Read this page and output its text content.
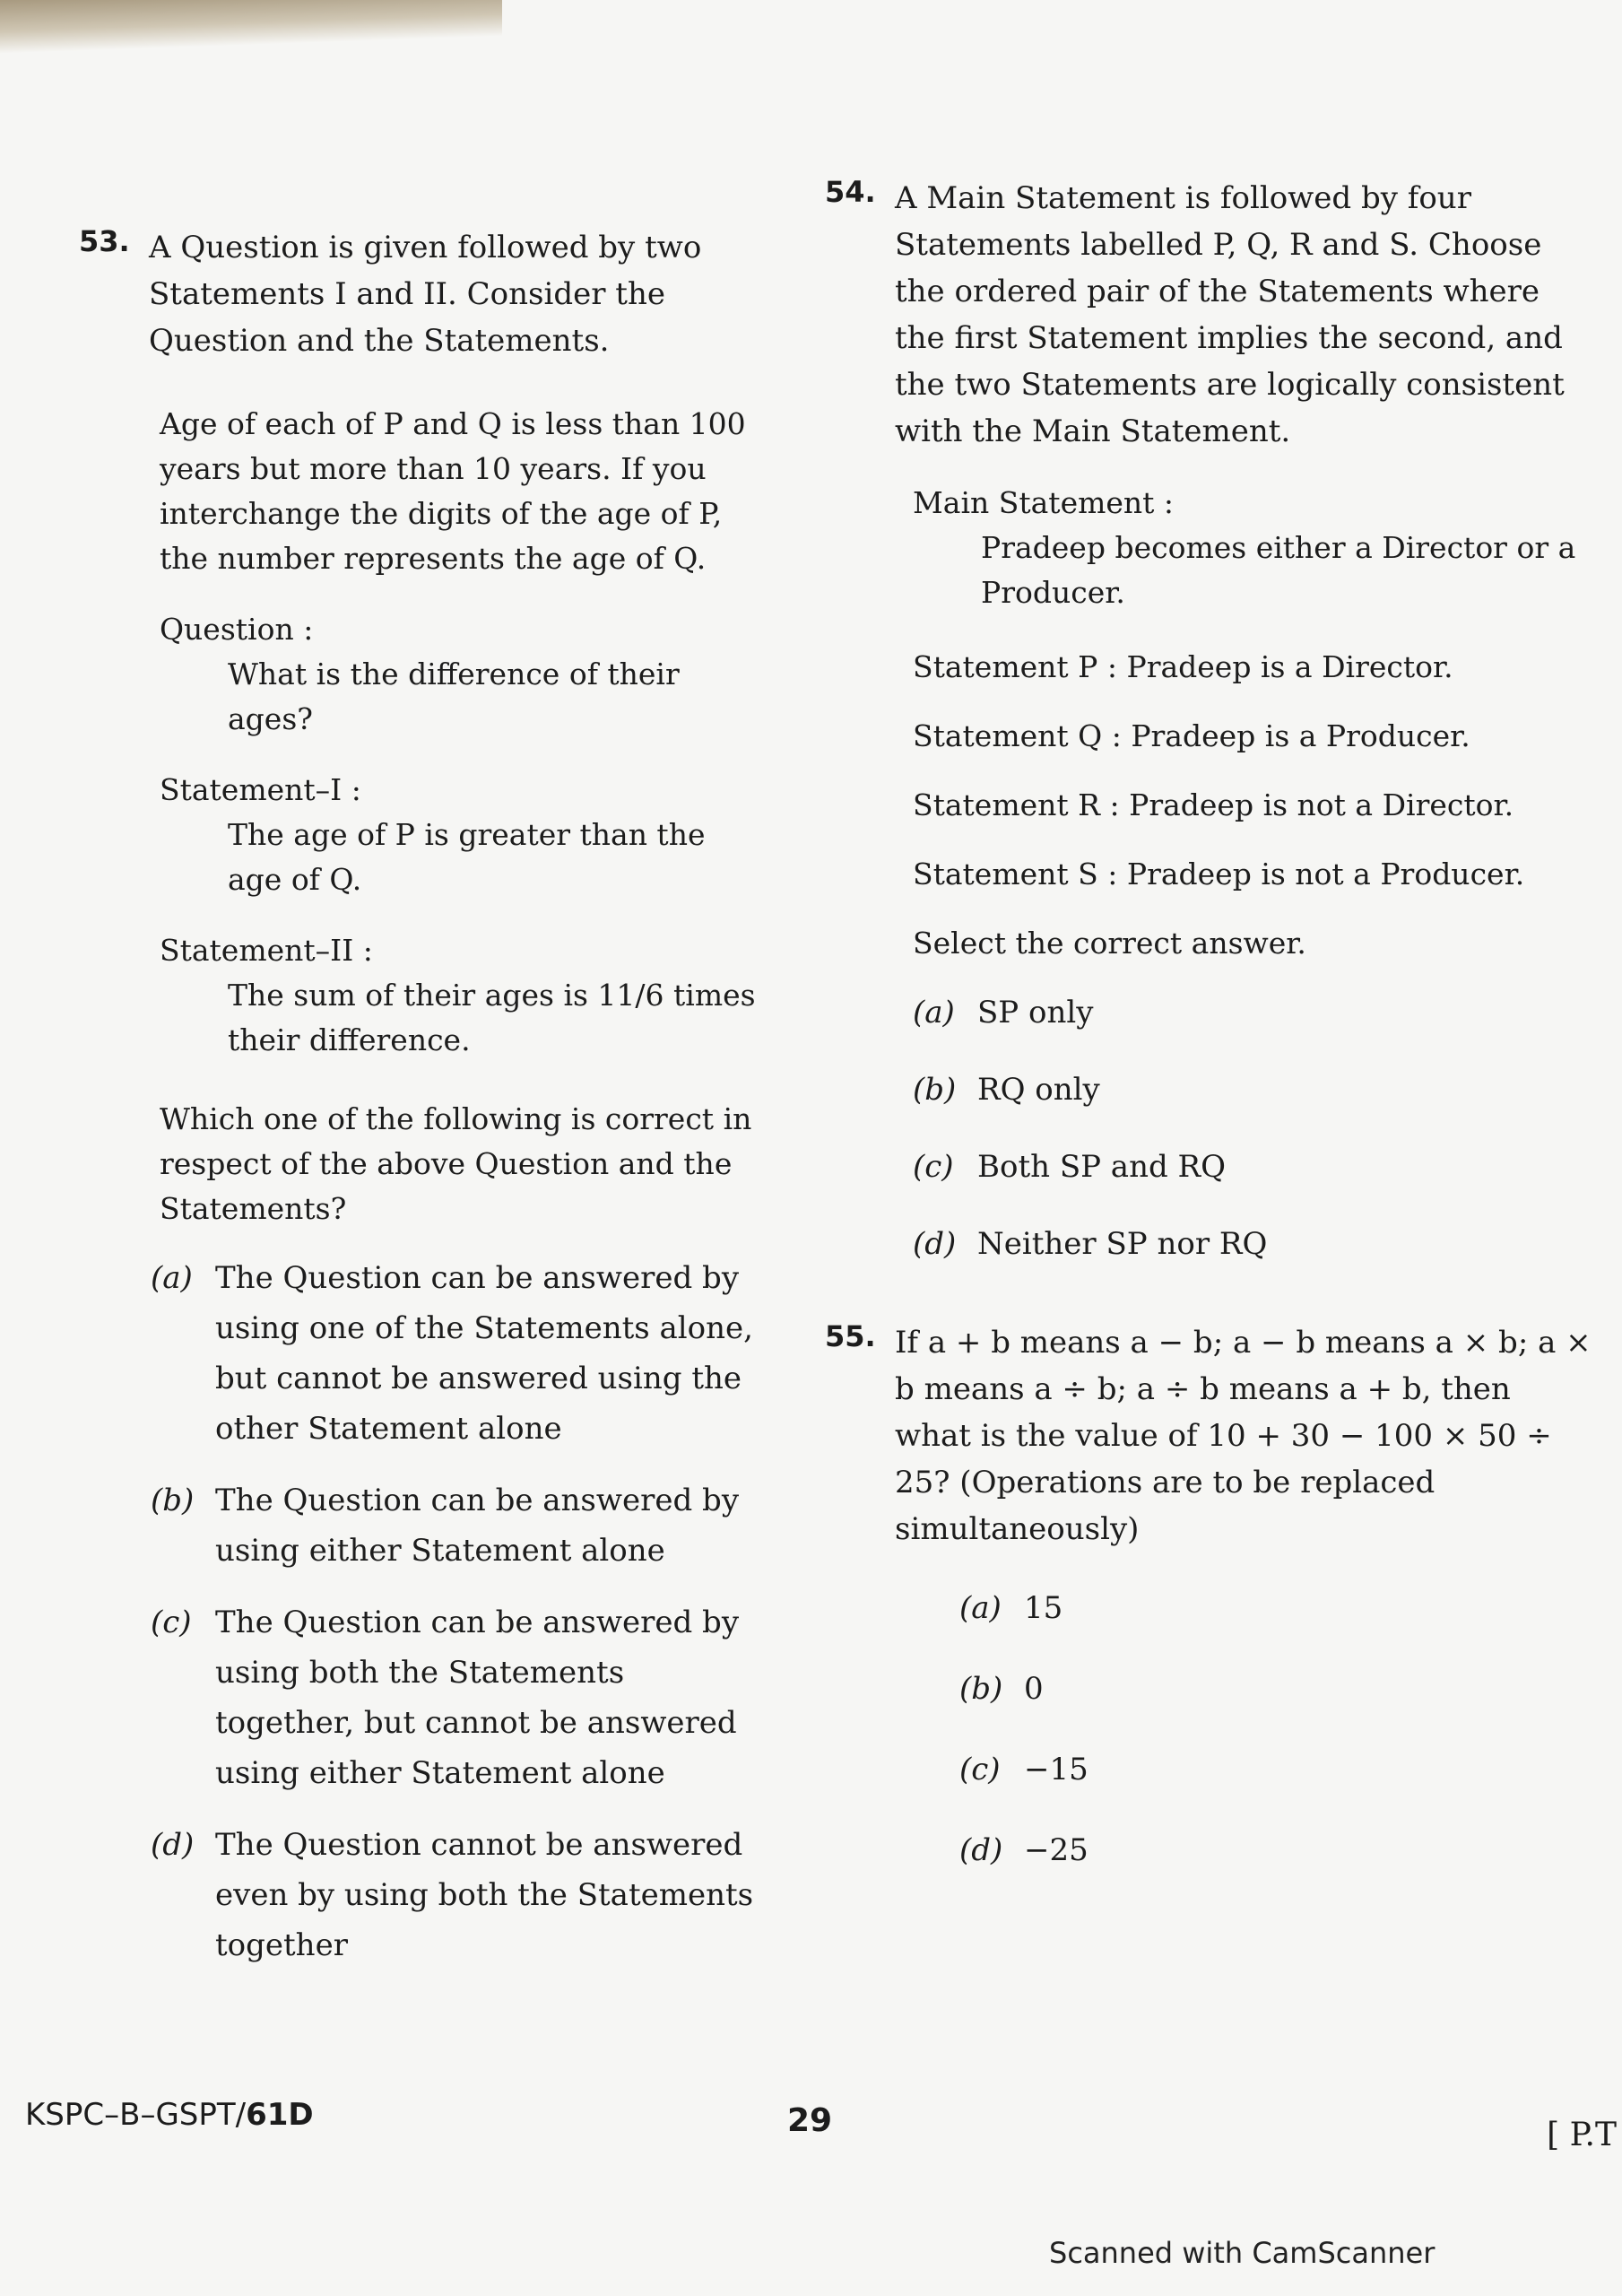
53. A Question is given followed by two Statements I and II. Consider the Question and the Statements.
Age of each of P and Q is less than 100 years but more than 10 years. If you interchange the digits of the age of P, the number represents the age of Q.
Question :
What is the difference of their ages?
Statement–I :
The age of P is greater than the age of Q.
Statement–II :
The sum of their ages is 11/6 times their difference.
Which one of the following is correct in respect of the above Question and the Statements?
(a) The Question can be answered by using one of the Statements alone, but cannot be answered using the other Statement alone
(b) The Question can be answered by using either Statement alone
(c) The Question can be answered by using both the Statements together, but cannot be answered using either Statement alone
(d) The Question cannot be answered even by using both the Statements together
54. A Main Statement is followed by four Statements labelled P, Q, R and S. Choose the ordered pair of the Statements where the first Statement implies the second, and the two Statements are logically consistent with the Main Statement.
Main Statement :
Pradeep becomes either a Director or a Producer.
Statement P : Pradeep is a Director.
Statement Q : Pradeep is a Producer.
Statement R : Pradeep is not a Director.
Statement S : Pradeep is not a Producer.
Select the correct answer.
(a) SP only
(b) RQ only
(c) Both SP and RQ
(d) Neither SP nor RQ
55. If a + b means a − b; a − b means a × b; a × b means a ÷ b; a ÷ b means a + b, then what is the value of 10 + 30 − 100 × 50 ÷ 25? (Operations are to be replaced simultaneously)
(a) 15
(b) 0
(c) −15
(d) −25
KSPC–B–GSPT/61D	29	[ P.T
Scanned with CamScanner
